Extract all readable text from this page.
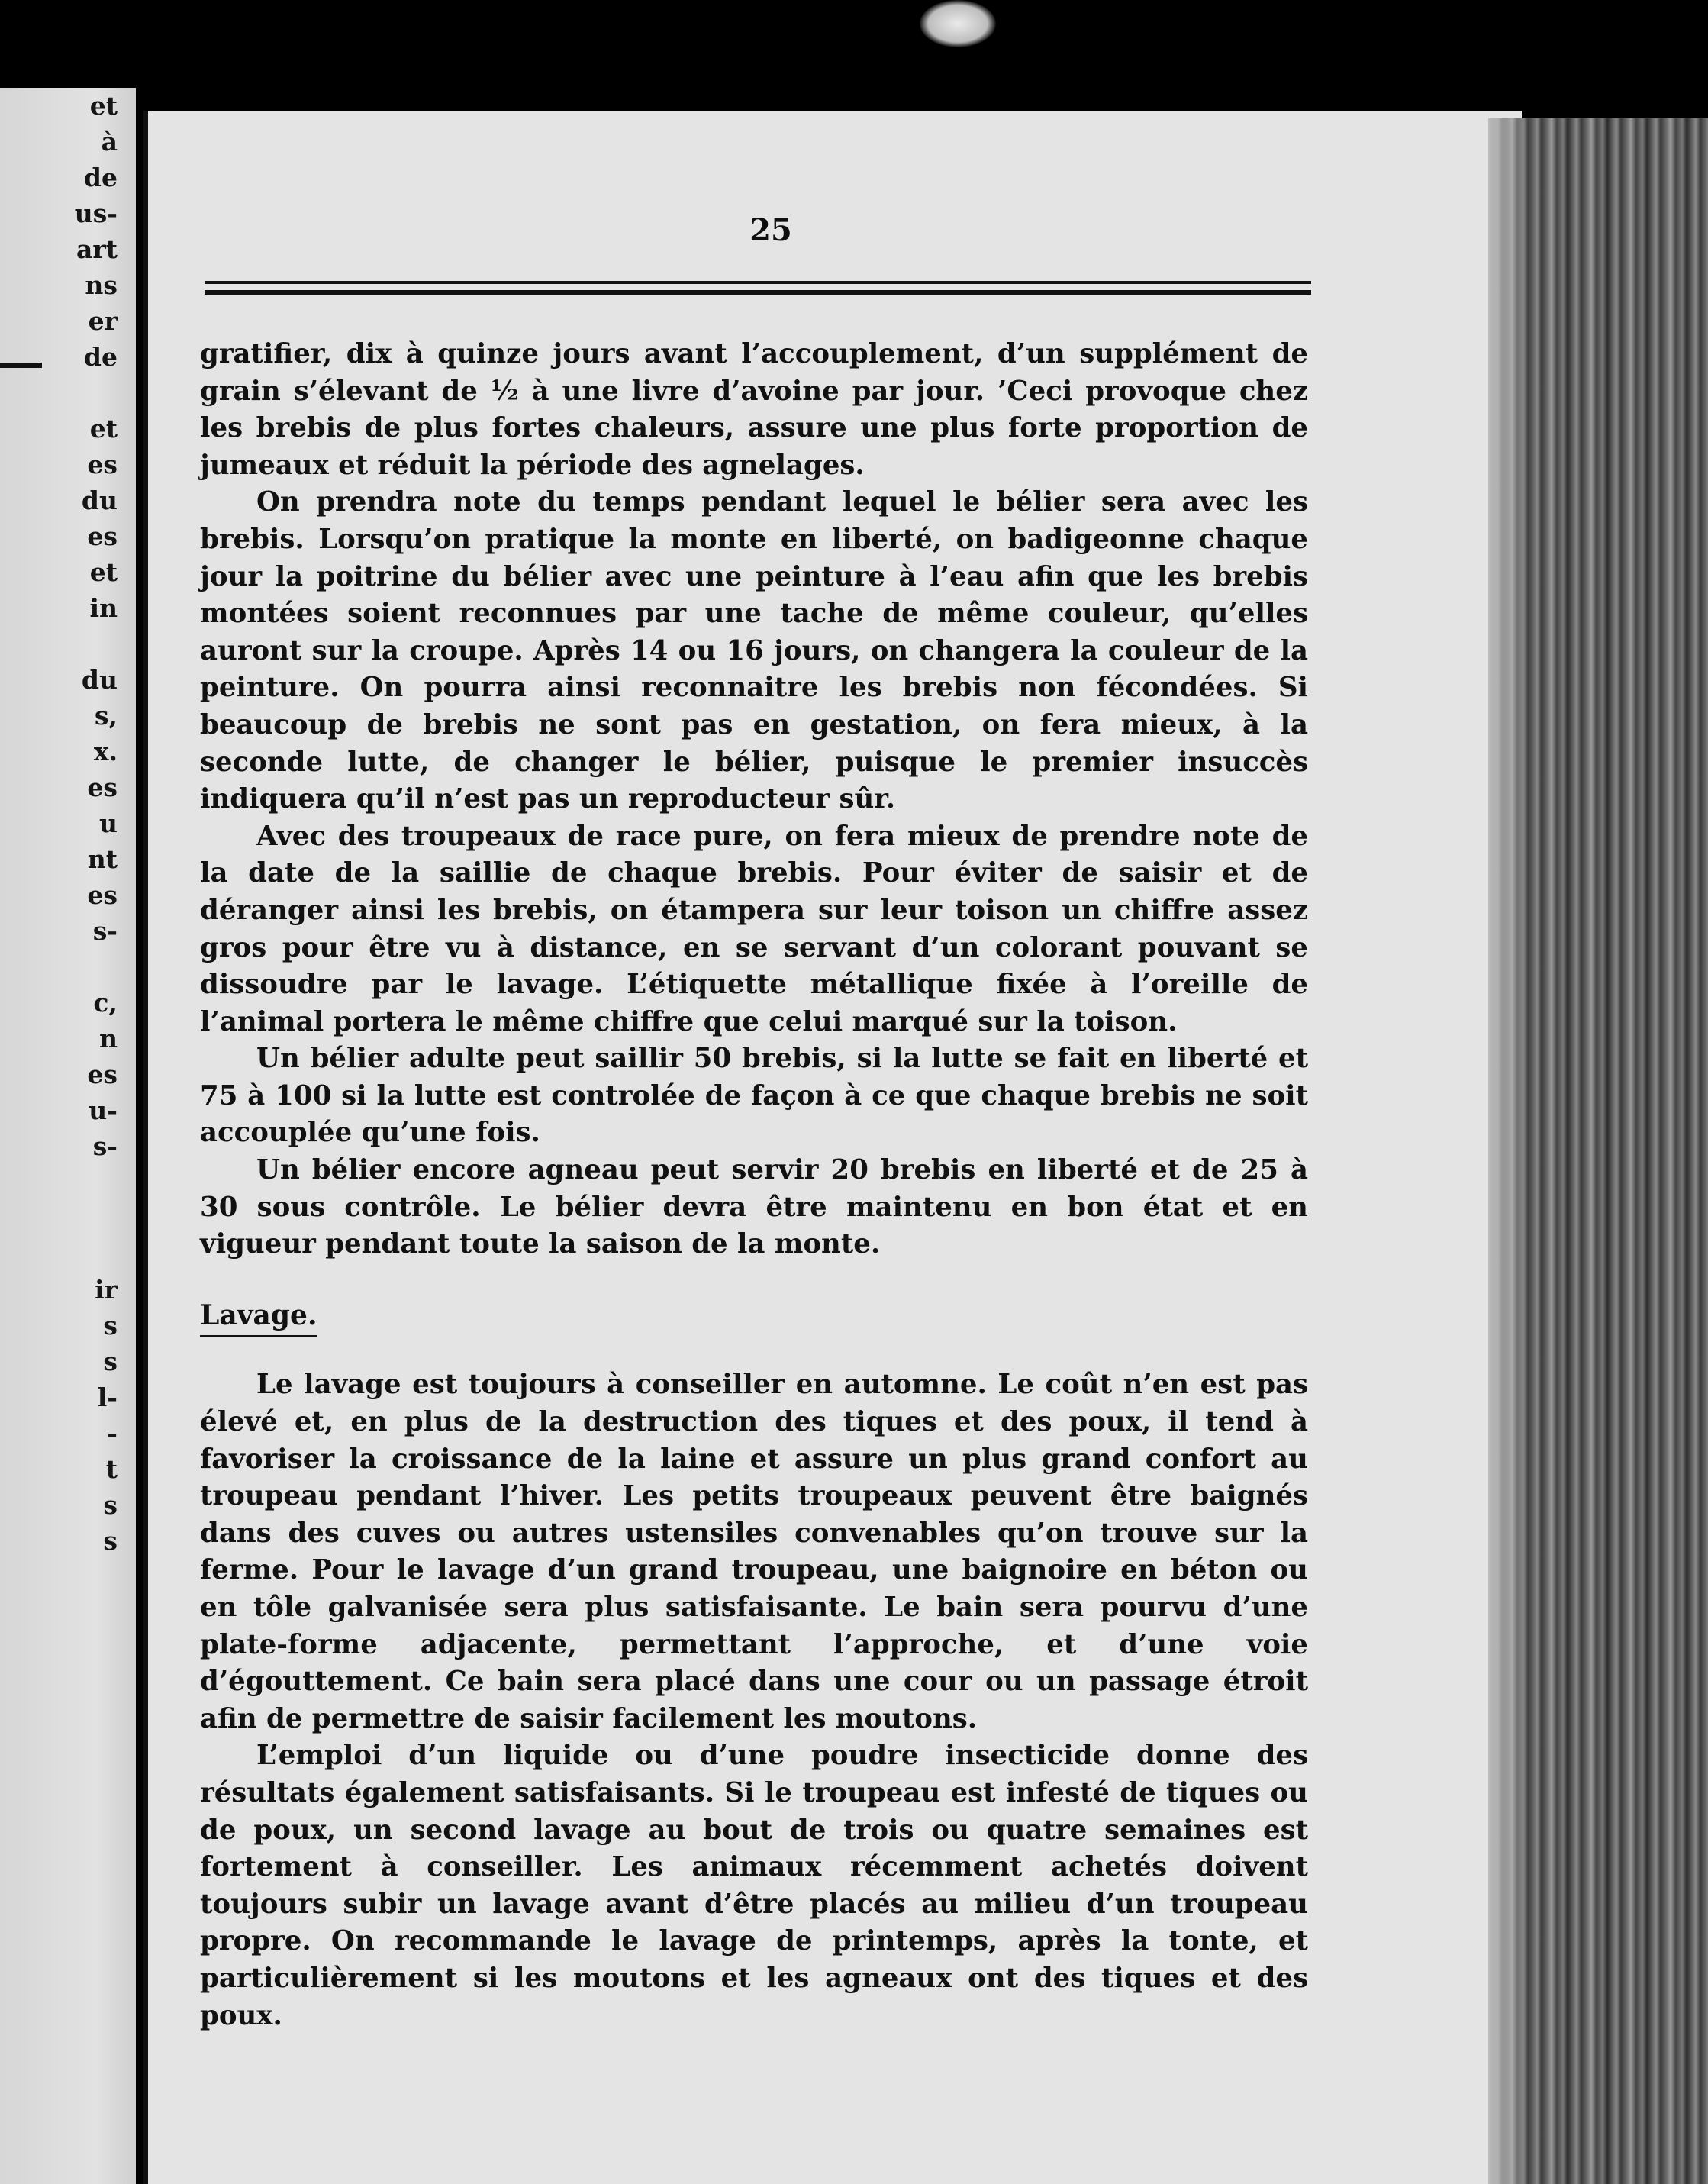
et
à
de
us-
art
ns
er
de

et
es
du
es
et
in

du
s,
x.
es
u
nt
es
s-

c,
n
es
u-
s-

ir
s
s
l-
-
t
s
s
25

gratifier, dix à quinze jours avant l’accouplement, d’un supplément de grain s’élevant de ½ à une livre d’avoine par jour. ’Ceci provoque chez les brebis de plus fortes chaleurs, assure une plus forte proportion de jumeaux et réduit la période des agnelages.

On prendra note du temps pendant lequel le bélier sera avec les brebis. Lorsqu’on pratique la monte en liberté, on badigeonne chaque jour la poitrine du bélier avec une peinture à l’eau afin que les brebis montées soient reconnues par une tache de même couleur, qu’elles auront sur la croupe. Après 14 ou 16 jours, on changera la couleur de la peinture. On pourra ainsi reconnaitre les brebis non fécondées. Si beaucoup de brebis ne sont pas en gestation, on fera mieux, à la seconde lutte, de changer le bélier, puisque le premier insuccès indiquera qu’il n’est pas un reproducteur sûr.

Avec des troupeaux de race pure, on fera mieux de prendre note de la date de la saillie de chaque brebis. Pour éviter de saisir et de déranger ainsi les brebis, on étampera sur leur toison un chiffre assez gros pour être vu à distance, en se servant d’un colorant pouvant se dissoudre par le lavage. L’étiquette métallique fixée à l’oreille de l’animal portera le même chiffre que celui marqué sur la toison.

Un bélier adulte peut saillir 50 brebis, si la lutte se fait en liberté et 75 à 100 si la lutte est controlée de façon à ce que chaque brebis ne soit accouplée qu’une fois.

Un bélier encore agneau peut servir 20 brebis en liberté et de 25 à 30 sous contrôle. Le bélier devra être maintenu en bon état et en vigueur pendant toute la saison de la monte.

Lavage.

Le lavage est toujours à conseiller en automne. Le coût n’en est pas élevé et, en plus de la destruction des tiques et des poux, il tend à favoriser la croissance de la laine et assure un plus grand confort au troupeau pendant l’hiver. Les petits troupeaux peuvent être baignés dans des cuves ou autres ustensiles convenables qu’on trouve sur la ferme. Pour le lavage d’un grand troupeau, une baignoire en béton ou en tôle galvanisée sera plus satisfaisante. Le bain sera pourvu d’une plate-forme adjacente, permettant l’approche, et d’une voie d’égouttement. Ce bain sera placé dans une cour ou un passage étroit afin de permettre de saisir facilement les moutons.

L’emploi d’un liquide ou d’une poudre insecticide donne des résultats également satisfaisants. Si le troupeau est infesté de tiques ou de poux, un second lavage au bout de trois ou quatre semaines est fortement à conseiller. Les animaux récemment achetés doivent toujours subir un lavage avant d’être placés au milieu d’un troupeau propre. On recommande le lavage de printemps, après la tonte, et particulièrement si les moutons et les agneaux ont des tiques et des poux.
